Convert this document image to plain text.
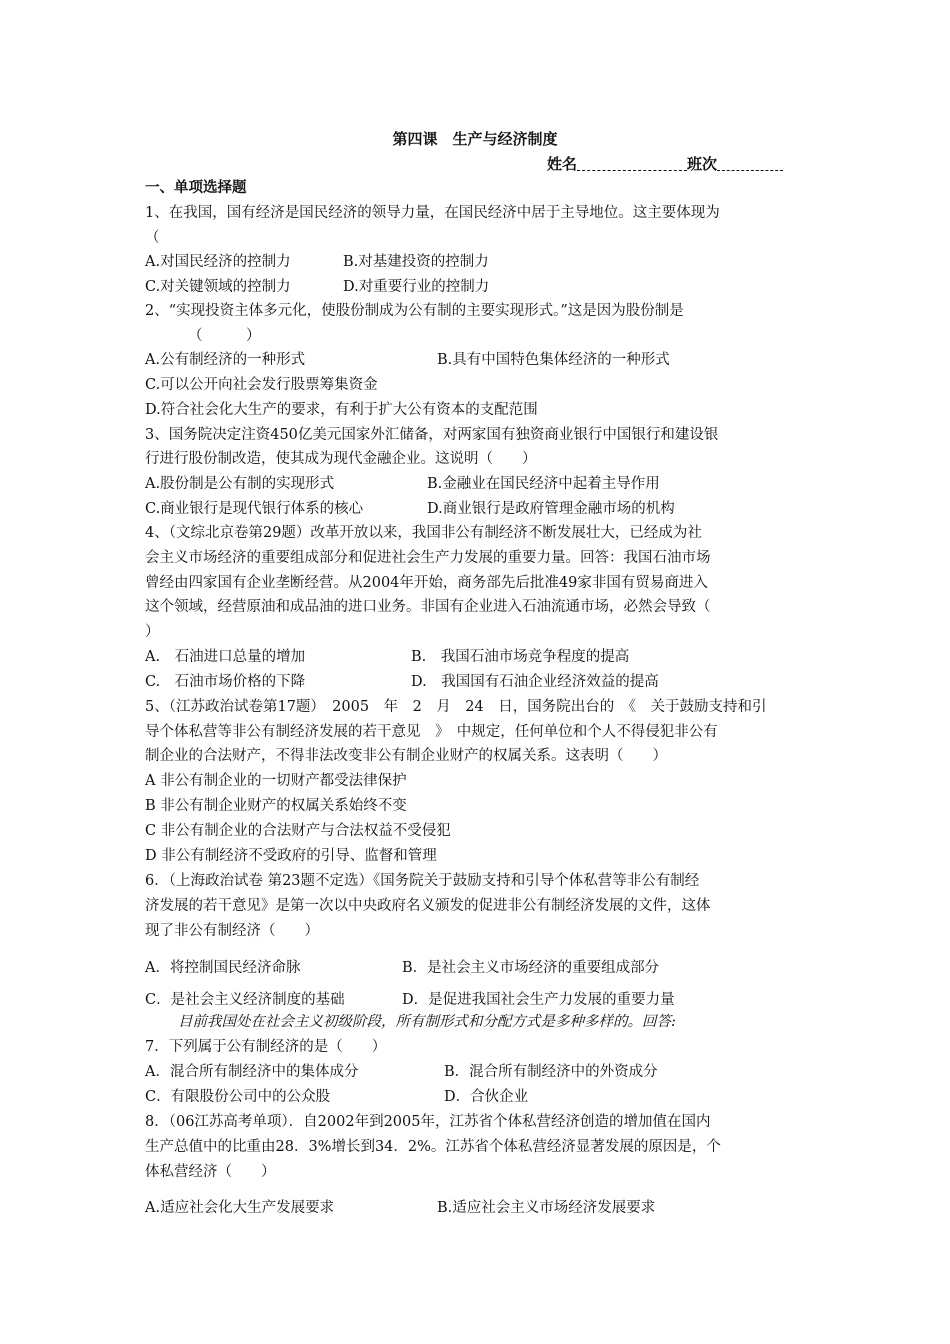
第四课　生产与经济制度
姓名	班次
一、单项选择题
1、在我国，国有经济是国民经济的领导力量，在国民经济中居于主导地位。这主要体现为
（
A.对国民经济的控制力	B.对基建投资的控制力
C.对关键领域的控制力	D.对重要行业的控制力
2、“实现投资主体多元化，使股份制成为公有制的主要实现形式。”这是因为股份制是
（　　　）
A.公有制经济的一种形式	B.具有中国特色集体经济的一种形式
C.可以公开向社会发行股票筹集资金
D.符合社会化大生产的要求，有利于扩大公有资本的支配范围
3、国务院决定注资450亿美元国家外汇储备，对两家国有独资商业银行中国银行和建设银
行进行股份制改造，使其成为现代金融企业。这说明（　　）
A.股份制是公有制的实现形式	B.金融业在国民经济中起着主导作用
C.商业银行是现代银行体系的核心	D.商业银行是政府管理金融市场的机构
4、（文综北京卷第29题）改革开放以来，我国非公有制经济不断发展壮大，已经成为社
会主义市场经济的重要组成部分和促进社会生产力发展的重要力量。回答：我国石油市场
曾经由四家国有企业垄断经营。从2004年开始，商务部先后批准49家非国有贸易商进入
这个领域，经营原油和成品油的进口业务。非国有企业进入石油流通市场，必然会导致（
）
A.　石油进口总量的增加	B.　我国石油市场竞争程度的提高
C.　石油市场价格的下降	D.　我国国有石油企业经济效益的提高
5、（江苏政治试卷第17题）　2005　年　2　月　24　日，国务院出台的　《　关于鼓励支持和引
导个体私营等非公有制经济发展的若干意见　》　中规定，任何单位和个人不得侵犯非公有
制企业的合法财产，不得非法改变非公有制企业财产的权属关系。这表明（　　）
A 非公有制企业的一切财产都受法律保护
B 非公有制企业财产的权属关系始终不变
C 非公有制企业的合法财产与合法权益不受侵犯
D 非公有制经济不受政府的引导、监督和管理
6．（上海政治试卷 第23题不定选）《国务院关于鼓励支持和引导个体私营等非公有制经
济发展的若干意见》是第一次以中央政府名义颁发的促进非公有制经济发展的文件，这体
现了非公有制经济（　　）
A．将控制国民经济命脉	B．是社会主义市场经济的重要组成部分
C．是社会主义经济制度的基础	D．是促进我国社会生产力发展的重要力量
目前我国处在社会主义初级阶段，所有制形式和分配方式是多种多样的。回答:
7．下列属于公有制经济的是（　　）
A．混合所有制经济中的集体成分	B．混合所有制经济中的外资成分
C．有限股份公司中的公众股	D．合伙企业
8．（06江苏高考单项）．自2002年到2005年，江苏省个体私营经济创造的增加值在国内
生产总值中的比重由28．3%增长到34．2%。江苏省个体私营经济显著发展的原因是，个
体私营经济（　　）
A.适应社会化大生产发展要求	B.适应社会主义市场经济发展要求
